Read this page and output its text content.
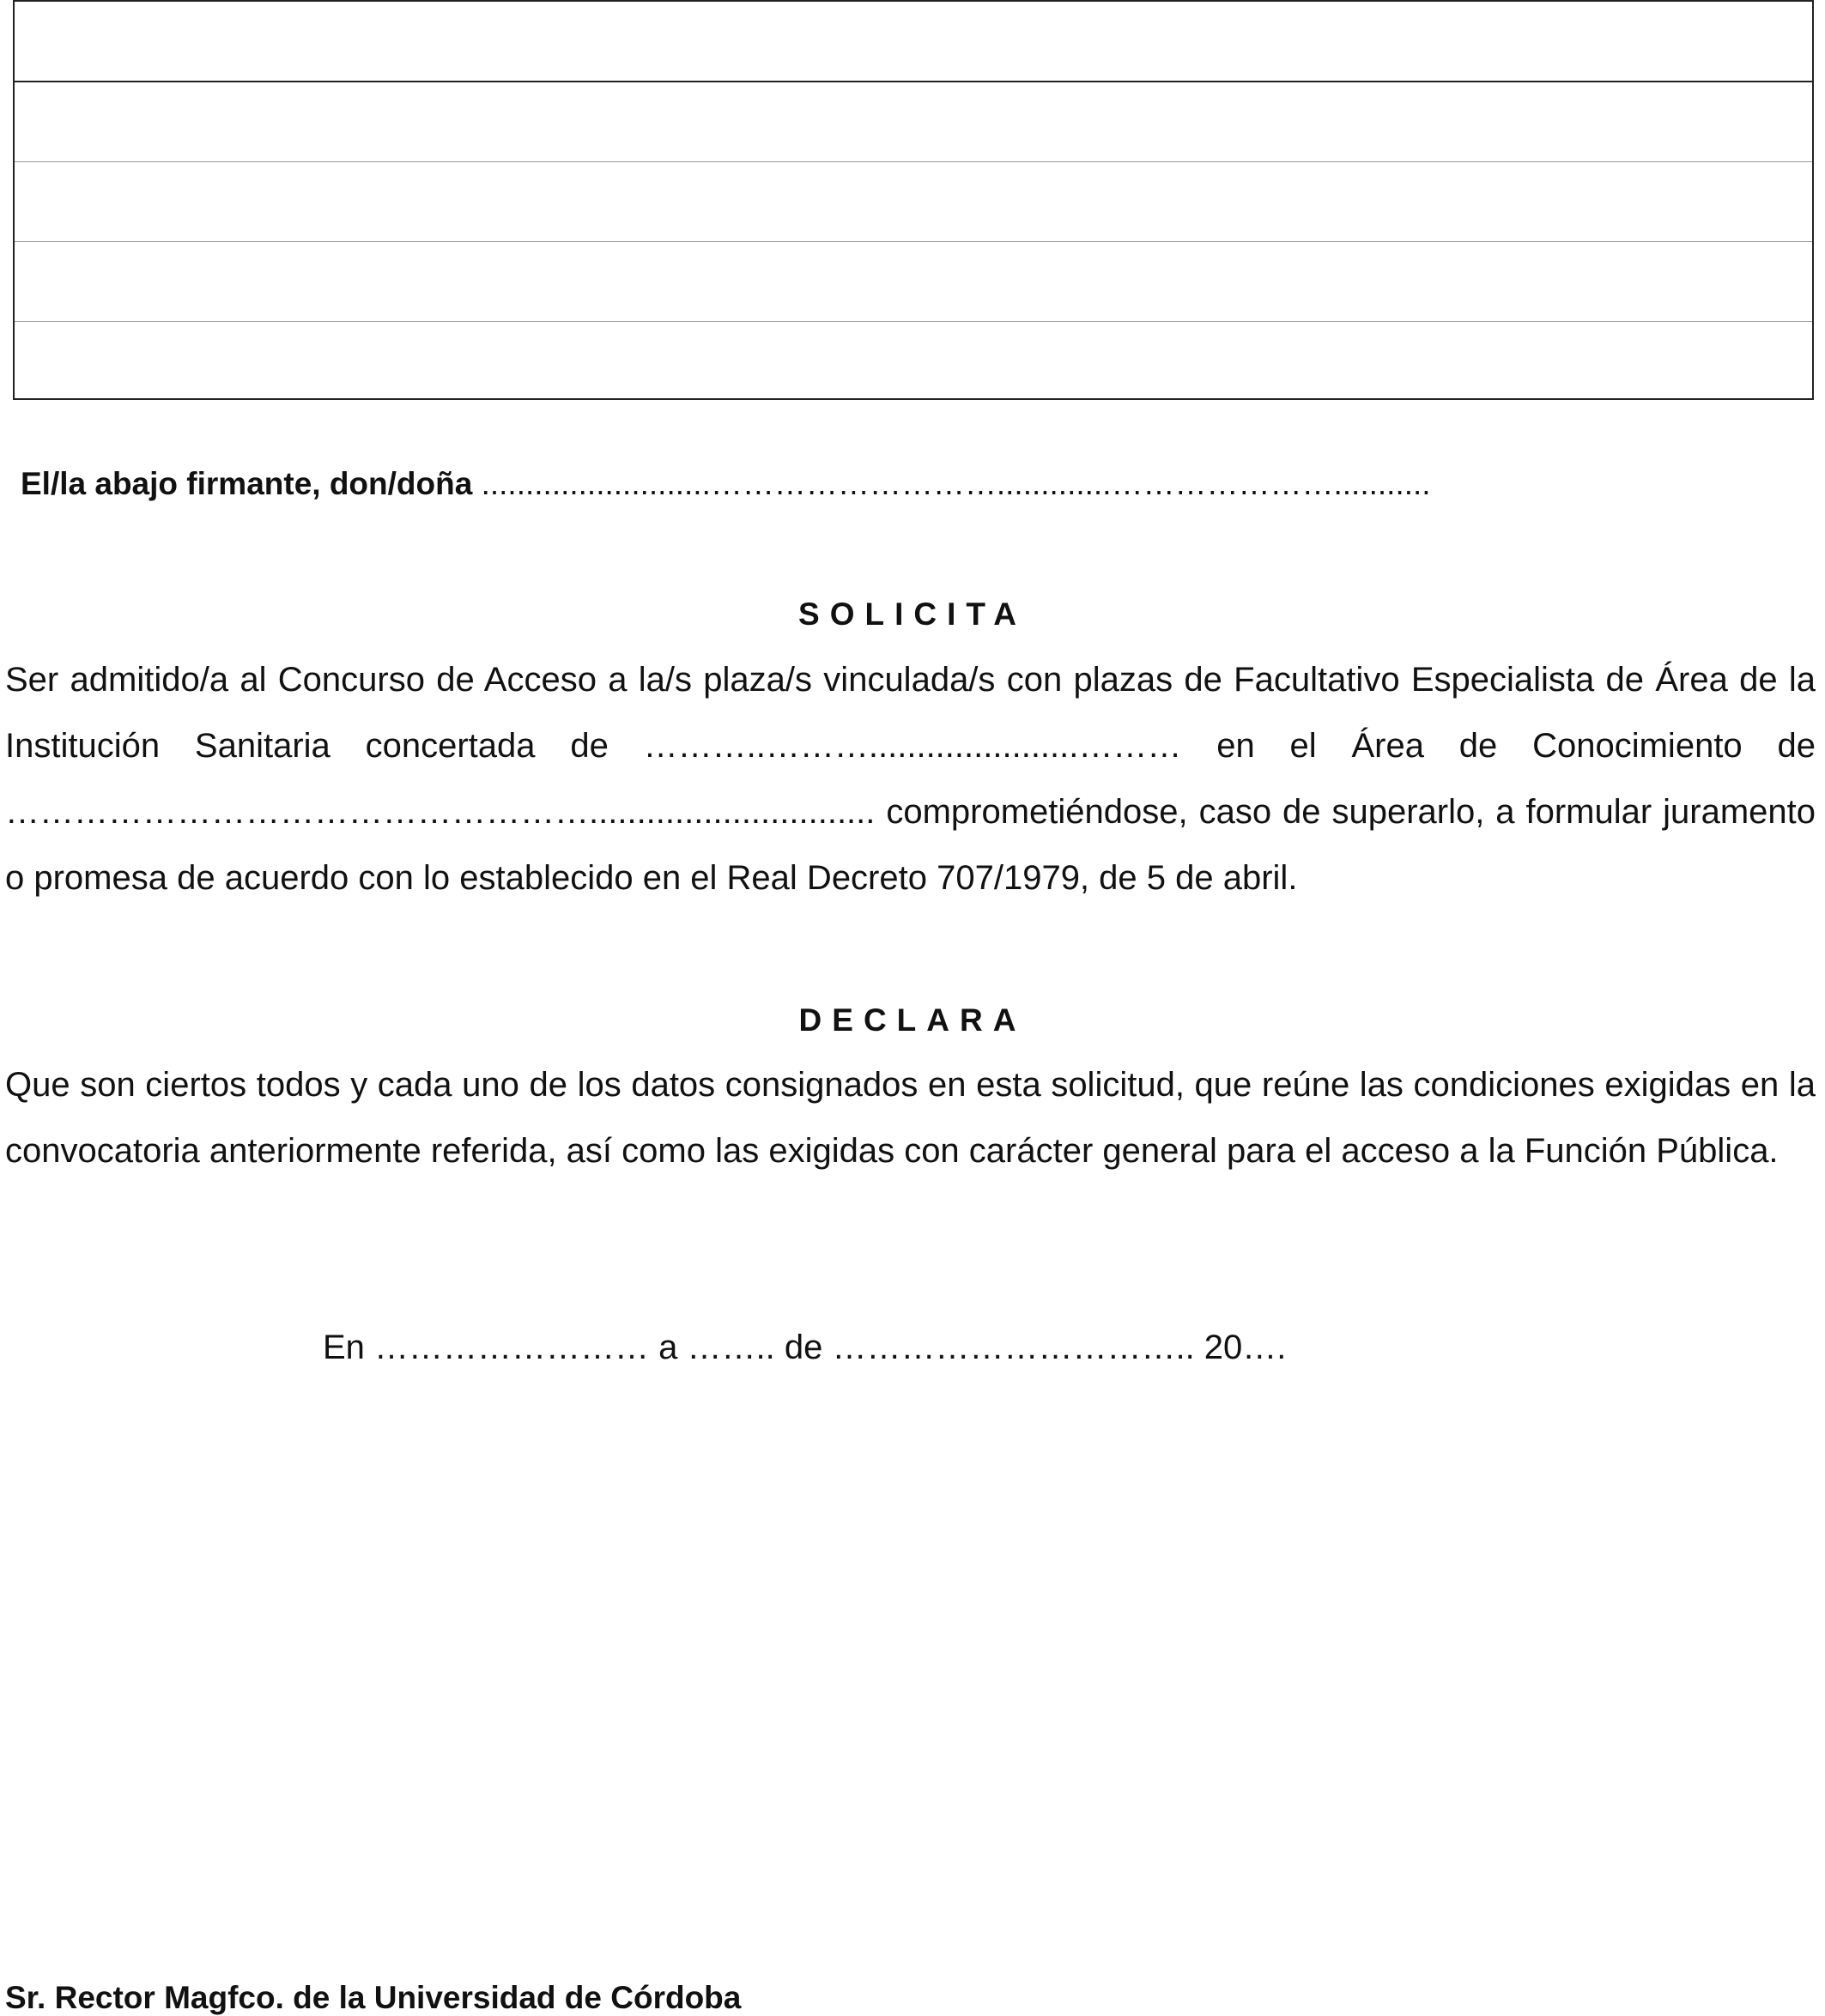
El/la abajo firmante, don/doña ..........................……………………….............…………………...........
SOLICITA
Ser admitido/a al Concurso de Acceso a la/s plaza/s vinculada/s con plazas de Facultativo Especialista de Área de la Institución Sanitaria concertada de ………..………......................……… en el Área de Conocimiento de …………………………………………….............................. comprometiéndose, caso de superarlo, a formular juramento o promesa de acuerdo con lo establecido en el Real Decreto 707/1979, de 5 de abril.
DECLARA
Que son ciertos todos y cada uno de los datos consignados en esta solicitud, que reúne las condiciones exigidas en la convocatoria anteriormente referida, así como las exigidas con carácter general para el acceso a la Función Pública.
En …………………… a …….. de ………………………….. 20….
Sr. Rector Magfco. de la Universidad de Córdoba
